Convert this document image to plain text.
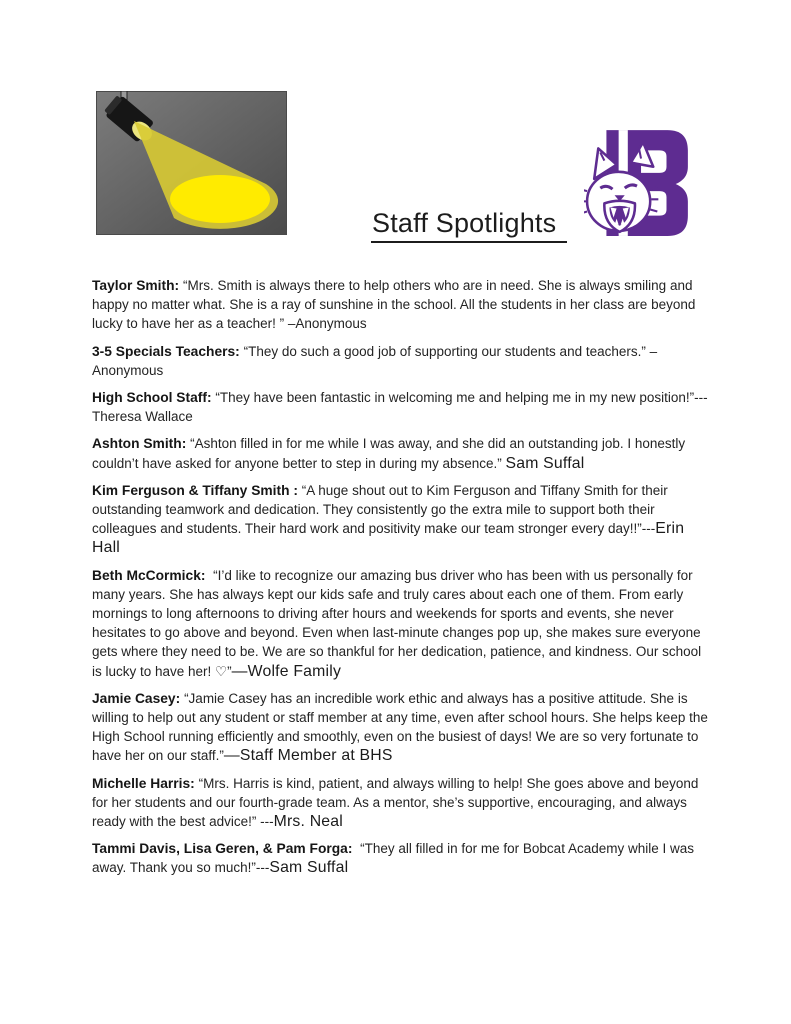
Staff Spotlights

Taylor Smith: “Mrs. Smith is always there to help others who are in need. She is always smiling and happy no matter what. She is a ray of sunshine in the school. All the students in her class are beyond lucky to have her as a teacher! ” –Anonymous

3-5 Specials Teachers: “They do such a good job of supporting our students and teachers.” – Anonymous

High School Staff: “They have been fantastic in welcoming me and helping me in my new position!”---Theresa Wallace

Ashton Smith: “Ashton filled in for me while I was away, and she did an outstanding job. I honestly couldn’t have asked for anyone better to step in during my absence.” Sam Suffal

Kim Ferguson & Tiffany Smith : “A huge shout out to Kim Ferguson and Tiffany Smith for their outstanding teamwork and dedication. They consistently go the extra mile to support both their colleagues and students. Their hard work and positivity make our team stronger every day!!”---Erin Hall

Beth McCormick:  “I’d like to recognize our amazing bus driver who has been with us personally for many years. She has always kept our kids safe and truly cares about each one of them. From early mornings to long afternoons to driving after hours and weekends for sports and events, she never hesitates to go above and beyond. Even when last-minute changes pop up, she makes sure everyone gets where they need to be. We are so thankful for her dedication, patience, and kindness. Our school is lucky to have her! ♡”—Wolfe Family

Jamie Casey: “Jamie Casey has an incredible work ethic and always has a positive attitude. She is willing to help out any student or staff member at any time, even after school hours. She helps keep the High School running efficiently and smoothly, even on the busiest of days! We are so very fortunate to have her on our staff.”—Staff Member at BHS

Michelle Harris: “Mrs. Harris is kind, patient, and always willing to help! She goes above and beyond for her students and our fourth-grade team. As a mentor, she’s supportive, encouraging, and always ready with the best advice!” ---Mrs. Neal

Tammi Davis, Lisa Geren, & Pam Forga:  “They all filled in for me for Bobcat Academy while I was away. Thank you so much!”---Sam Suffal
